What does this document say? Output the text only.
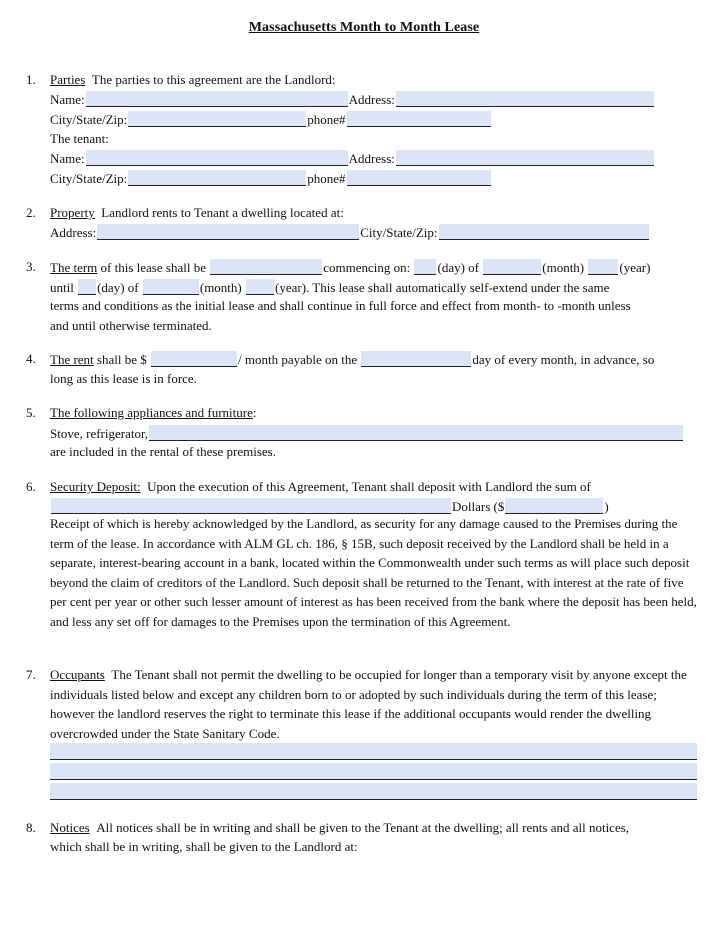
Massachusetts Month to Month Lease
1.	Parties The parties to this agreement are the Landlord:
Name:	Address:
City/State/Zip:	phone#
The tenant:
Name:	Address:
City/State/Zip:	phone#
2.	Property Landlord rents to Tenant a dwelling located at:
Address:	City/State/Zip:
3.	The term of this lease shall be	commencing on: (day) of	(month)	(year)
until (day) of	(month)	(year). This lease shall automatically self-extend under the same
terms and conditions as the initial lease and shall continue in full force and effect from month- to -month unless
and until otherwise terminated.
4.	The rent shall be $	/ month payable on the	day of every month, in advance, so
long as this lease is in force.
5.	The following appliances and furniture:
Stove, refrigerator,
are included in the rental of these premises.
6.	Security Deposit: Upon the execution of this Agreement, Tenant shall deposit with Landlord the sum of
Dollars ($	)
Receipt of which is hereby acknowledged by the Landlord, as security for any damage caused to the Premises during the term of the lease. In accordance with ALM GL ch. 186, § 15B, such deposit received by the Landlord shall be held in a separate, interest-bearing account in a bank, located within the Commonwealth under such terms as will place such deposit beyond the claim of creditors of the Landlord. Such deposit shall be returned to the Tenant, with interest at the rate of five per cent per year or other such lesser amount of interest as has been received from the bank where the deposit has been held, and less any set off for damages to the Premises upon the termination of this Agreement.
7.	Occupants The Tenant shall not permit the dwelling to be occupied for longer than a temporary visit by anyone except the individuals listed below and except any children born to or adopted by such individuals during the term of this lease; however the landlord reserves the right to terminate this lease if the additional occupants would render the dwelling overcrowded under the State Sanitary Code.
8.	Notices All notices shall be in writing and shall be given to the Tenant at the dwelling; all rents and all notices,
which shall be in writing, shall be given to the Landlord at:
